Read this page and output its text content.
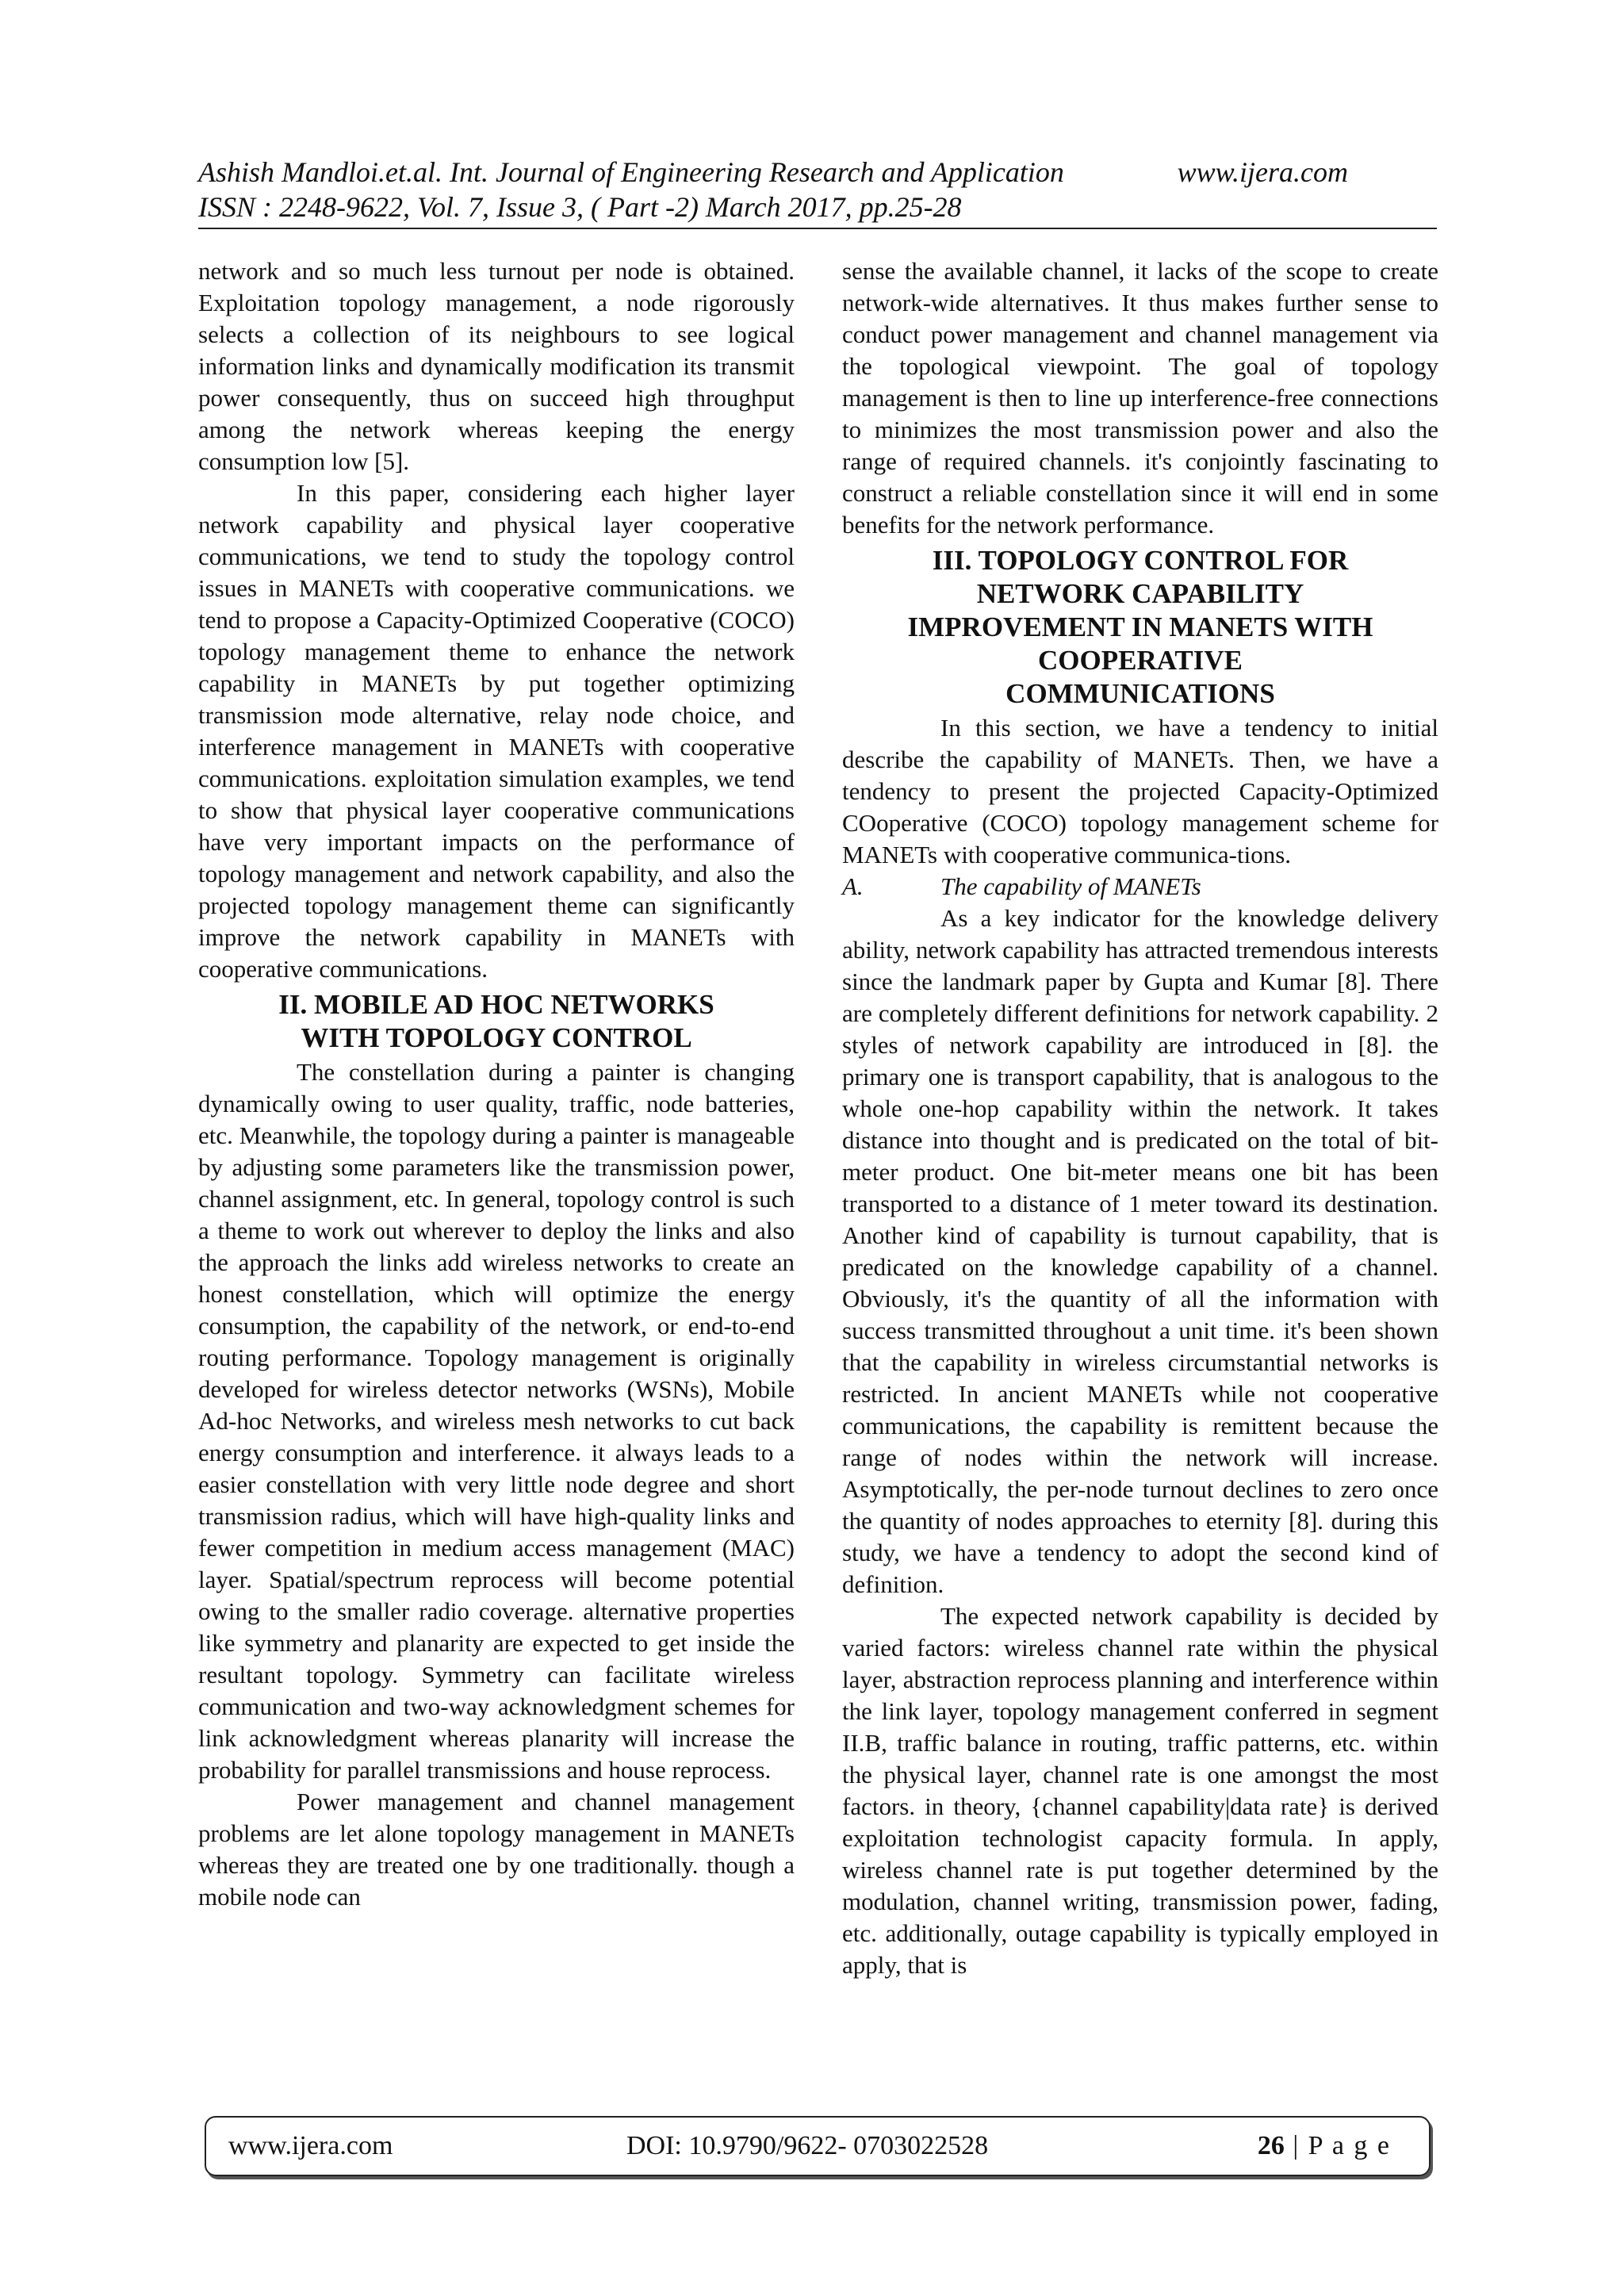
Ashish Mandloi.et.al. Int. Journal of Engineering Research and Application	www.ijera.com
ISSN : 2248-9622, Vol. 7, Issue 3, ( Part -2) March 2017, pp.25-28

network and so much less turnout per node is obtained. Exploitation topology management, a node rigorously selects a collection of its neighbours to see logical information links and dynamically modification its transmit power consequently, thus on succeed high throughput among the network whereas keeping the energy consumption low [5].

In this paper, considering each higher layer network capability and physical layer cooperative communications, we tend to study the topology control issues in MANETs with cooperative communications. we tend to propose a Capacity-Optimized Cooperative (COCO) topology management theme to enhance the network capability in MANETs by put together optimizing transmission mode alternative, relay node choice, and interference management in MANETs with cooperative communications. exploitation simulation examples, we tend to show that physical layer cooperative communications have very important impacts on the performance of topology management and network capability, and also the projected topology management theme can significantly improve the network capability in MANETs with cooperative communications.

II. MOBILE AD HOC NETWORKS
WITH TOPOLOGY CONTROL

The constellation during a painter is changing dynamically owing to user quality, traffic, node batteries, etc. Meanwhile, the topology during a painter is manageable by adjusting some parameters like the transmission power, channel assignment, etc. In general, topology control is such a theme to work out wherever to deploy the links and also the approach the links add wireless networks to create an honest constellation, which will optimize the energy consumption, the capability of the network, or end-to-end routing performance. Topology management is originally developed for wireless detector networks (WSNs), Mobile Ad-hoc Networks, and wireless mesh networks to cut back energy consumption and interference. it always leads to a easier constellation with very little node degree and short transmission radius, which will have high-quality links and fewer competition in medium access management (MAC) layer. Spatial/spectrum reprocess will become potential owing to the smaller radio coverage. alternative properties like symmetry and planarity are expected to get inside the resultant topology. Symmetry can facilitate wireless communication and two-way acknowledgment schemes for link acknowledgment whereas planarity will increase the probability for parallel transmissions and house reprocess.

Power management and channel management problems are let alone topology management in MANETs whereas they are treated one by one traditionally. though a mobile node can

sense the available channel, it lacks of the scope to create network-wide alternatives. It thus makes further sense to conduct power management and channel management via the topological viewpoint. The goal of topology management is then to line up interference-free connections to minimizes the most transmission power and also the range of required channels. it's conjointly fascinating to construct a reliable constellation since it will end in some benefits for the network performance.

III. TOPOLOGY CONTROL FOR
NETWORK CAPABILITY
IMPROVEMENT IN MANETS WITH
COOPERATIVE
COMMUNICATIONS

In this section, we have a tendency to initial describe the capability of MANETs. Then, we have a tendency to present the projected Capacity-Optimized COoperative (COCO) topology management scheme for MANETs with cooperative communica-tions.

A.	The capability of MANETs

As a key indicator for the knowledge delivery ability, network capability has attracted tremendous interests since the landmark paper by Gupta and Kumar [8]. There are completely different definitions for network capability. 2 styles of network capability are introduced in [8]. the primary one is transport capability, that is analogous to the whole one-hop capability within the network. It takes distance into thought and is predicated on the total of bit-meter product. One bit-meter means one bit has been transported to a distance of 1 meter toward its destination. Another kind of capability is turnout capability, that is predicated on the knowledge capability of a channel. Obviously, it's the quantity of all the information with success transmitted throughout a unit time. it's been shown that the capability in wireless circumstantial networks is restricted. In ancient MANETs while not cooperative communications, the capability is remittent because the range of nodes within the network will increase. Asymptotically, the per-node turnout declines to zero once the quantity of nodes approaches to eternity [8]. during this study, we have a tendency to adopt the second kind of definition.

The expected network capability is decided by varied factors: wireless channel rate within the physical layer, abstraction reprocess planning and interference within the link layer, topology management conferred in segment II.B, traffic balance in routing, traffic patterns, etc. within the physical layer, channel rate is one amongst the most factors. in theory, {channel capability|data rate} is derived exploitation technologist capacity formula. In apply, wireless channel rate is put together determined by the modulation, channel writing, transmission power, fading, etc. additionally, outage capability is typically employed in apply, that is

www.ijera.com	DOI: 10.9790/9622- 0703022528	26 | P a g e
